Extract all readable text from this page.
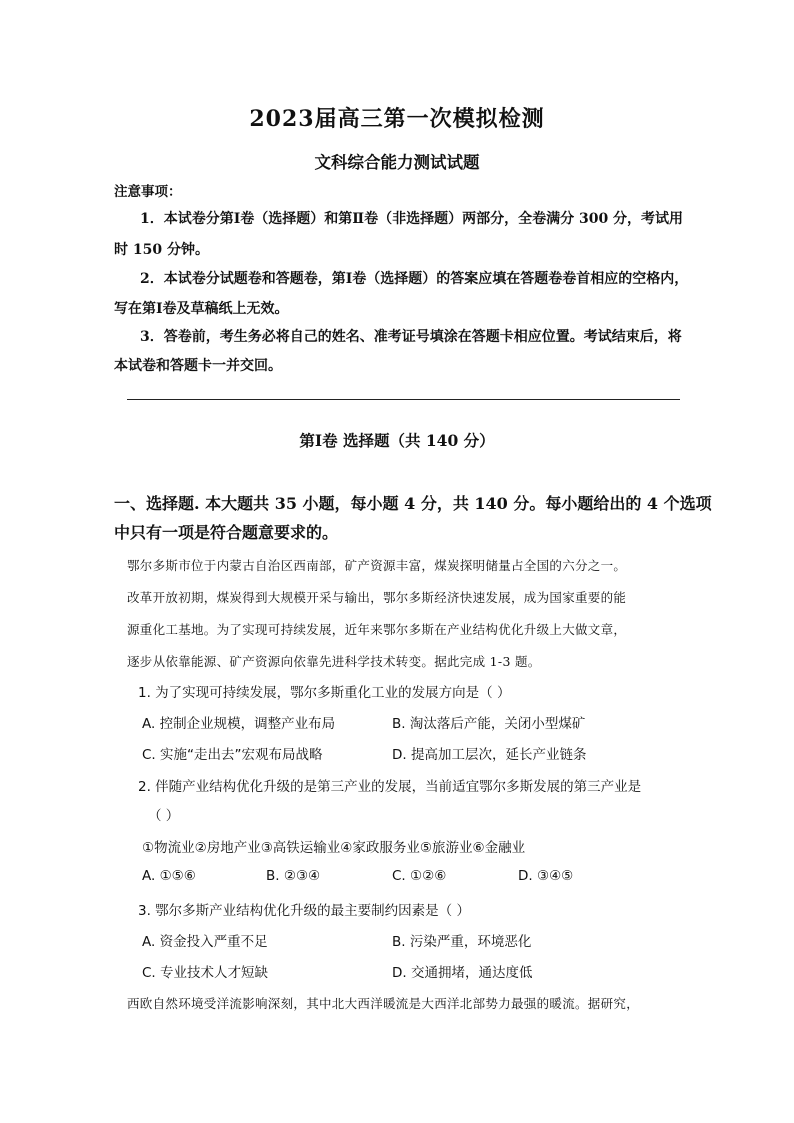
2023届高三第一次模拟检测
文科综合能力测试试题
注意事项：
1．本试卷分第Ⅰ卷（选择题）和第Ⅱ卷（非选择题）两部分，全卷满分 300 分，考试用
时 150 分钟。
2．本试卷分试题卷和答题卷，第Ⅰ卷（选择题）的答案应填在答题卷卷首相应的空格内，
写在第Ⅰ卷及草稿纸上无效。
3．答卷前，考生务必将自己的姓名、准考证号填涂在答题卡相应位置。考试结束后，将
本试卷和答题卡一并交回。
第Ⅰ卷 选择题（共 140 分）
一、选择题. 本大题共 35 小题，每小题 4 分，共 140 分。每小题给出的 4 个选项
中只有一项是符合题意要求的。
鄂尔多斯市位于内蒙古自治区西南部，矿产资源丰富，煤炭探明储量占全国的六分之一。
改革开放初期，煤炭得到大规模开采与输出，鄂尔多斯经济快速发展，成为国家重要的能
源重化工基地。为了实现可持续发展，近年来鄂尔多斯在产业结构优化升级上大做文章，
逐步从依靠能源、矿产资源向依靠先进科学技术转变。据此完成 1-3 题。
1. 为了实现可持续发展，鄂尔多斯重化工业的发展方向是（ ）
A. 控制企业规模，调整产业布局	B. 淘汰落后产能，关闭小型煤矿
C. 实施“走出去”宏观布局战略	D. 提高加工层次，延长产业链条
2. 伴随产业结构优化升级的是第三产业的发展，当前适宜鄂尔多斯发展的第三产业是
（ ）
①物流业②房地产业③高铁运输业④家政服务业⑤旅游业⑥金融业
A. ①⑤⑥	B. ②③④	C. ①②⑥	D. ③④⑤
3. 鄂尔多斯产业结构优化升级的最主要制约因素是（ ）
A. 资金投入严重不足	B. 污染严重，环境恶化
C. 专业技术人才短缺	D. 交通拥堵，通达度低
西欧自然环境受洋流影响深刻，其中北大西洋暖流是大西洋北部势力最强的暖流。据研究，
